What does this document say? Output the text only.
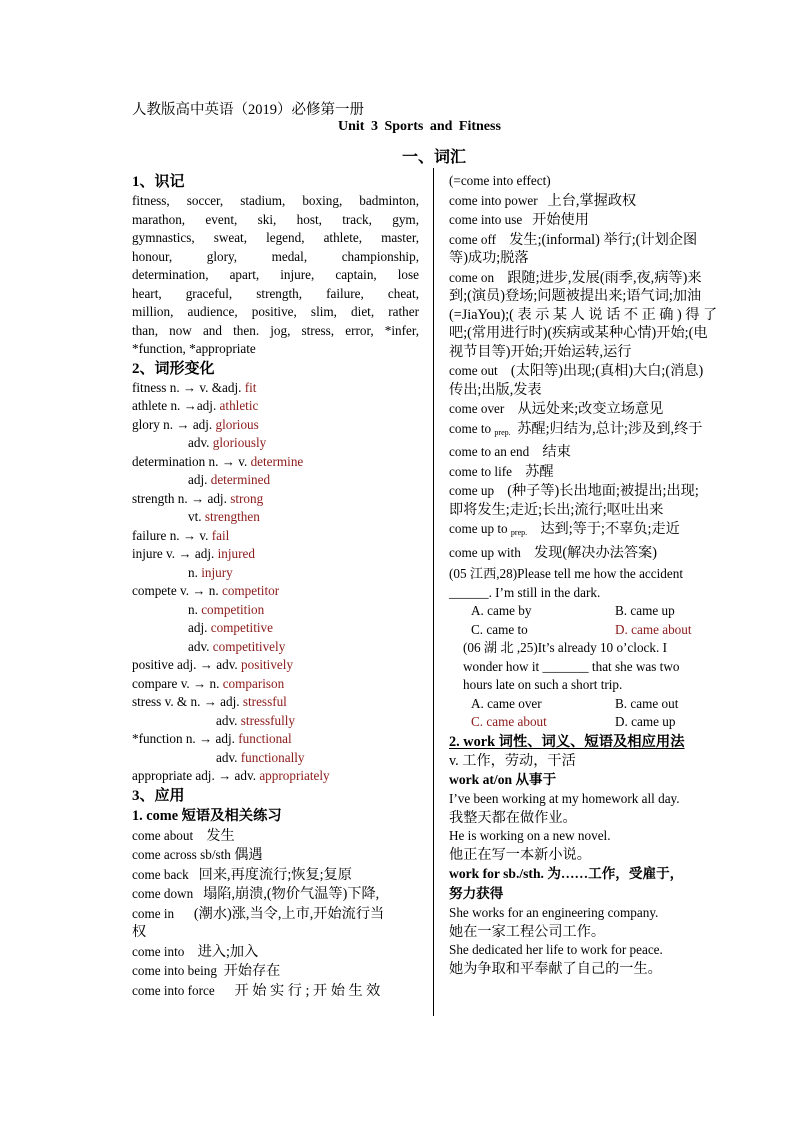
人教版高中英语（2019）必修第一册
Unit 3 Sports and Fitness
一、词汇
1、识记
fitness, soccer, stadium, boxing, badminton,
marathon, event, ski, host, track, gym,
gymnastics, sweat, legend, athlete, master,
honour, glory, medal, championship,
determination, apart, injure, captain, lose
heart, graceful, strength, failure, cheat,
million, audience, positive, slim, diet, rather
than, now and then. jog, stress, error, *infer,
*function, *appropriate
2、词形变化
fitness n. → v. &adj. fit
athlete n. →adj. athletic
glory n. → adj. glorious
adv. gloriously
determination n. → v. determine
adj. determined
strength n. → adj. strong
vt. strengthen
failure n. → v. fail
injure v. → adj. injured
n. injury
compete v. → n. competitor
n. competition
adj. competitive
adv. competitively
positive adj. → adv. positively
compare v. → n. comparison
stress v. & n. → adj. stressful
adv. stressfully
*function n. → adj. functional
adv. functionally
appropriate adj. → adv. appropriately
3、应用
1. come 短语及相关练习
come about 发生
come across sb/sth 偶遇
come back 回来,再度流行;恢复;复原
come down 塌陷,崩溃,(物价气温等)下降,
come in (潮水)涨,当令,上市,开始流行当
权
come into 进入;加入
come into being 开始存在
come into force 开 始 实 行 ; 开 始 生 效
(=come into effect)
come into power 上台,掌握政权
come into use 开始使用
come off 发生;(informal) 举行;(计划企图
等)成功;脱落
come on 跟随;进步,发展(雨季,夜,病等)来
到;(演员)登场;问题被提出来;语气词;加油
(=JiaYou);( 表 示 某 人 说 话 不 正 确 ) 得 了
吧;(常用进行时)(疾病或某种心情)开始;(电
视节目等)开始;开始运转,运行
come out (太阳等)出现;(真相)大白;(消息)
传出;出版,发表
come over 从远处来;改变立场意见
come to $_{prep.}$ 苏醒;归结为,总计;涉及到,终于
come to an end 结束
come to life 苏醒
come up (种子等)长出地面;被提出;出现;
即将发生;走近;长出;流行;呕吐出来
come up to $_{prep.}$ 达到;等于;不辜负;走近
come up with 发现(解决办法答案)
(05 江西,28)Please tell me how the accident
______. I’m still in the dark.
A. came by	B. came up
C. came to	D. came about
(06 湖 北 ,25)It’s already 10 o’clock. I
wonder how it _______ that she was two
hours late on such a short trip.
A. came over	B. came out
C. came about	D. came up
2. work 词性、词义、短语及相应用法
v. 工作，劳动，干活
work at/on 从事于
I’ve been working at my homework all day.
我整天都在做作业。
He is working on a new novel.
他正在写一本新小说。
work for sb./sth. 为……工作，受雇于，
努力获得
She works for an engineering company.
她在一家工程公司工作。
She dedicated her life to work for peace.
她为争取和平奉献了自己的一生。
